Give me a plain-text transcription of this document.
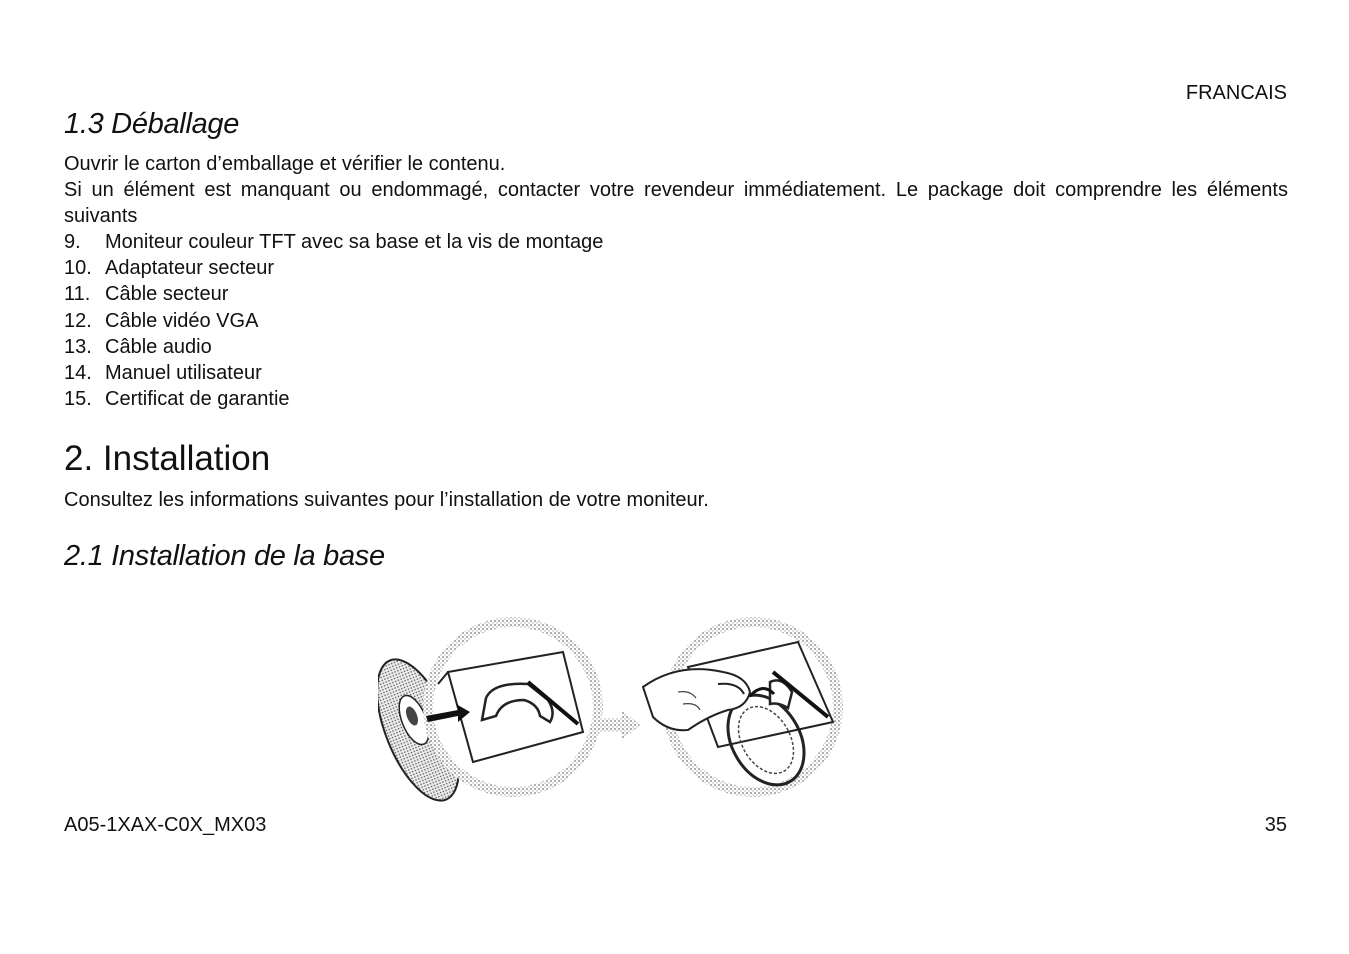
FRANCAIS
1.3 Déballage
Ouvrir le carton d’emballage et vérifier le contenu.
Si un élément est manquant ou endommagé, contacter votre revendeur immédiatement. Le package doit comprendre les éléments suivants
9.	Moniteur couleur TFT avec sa base et la vis de montage
10. Adaptateur secteur
11. Câble secteur
12. Câble vidéo VGA
13. Câble audio
14. Manuel utilisateur
15. Certificat de garantie
2. Installation
Consultez les informations suivantes pour l’installation de votre moniteur.
2.1 Installation de la base
A05-1XAX-C0X_MX03	35
